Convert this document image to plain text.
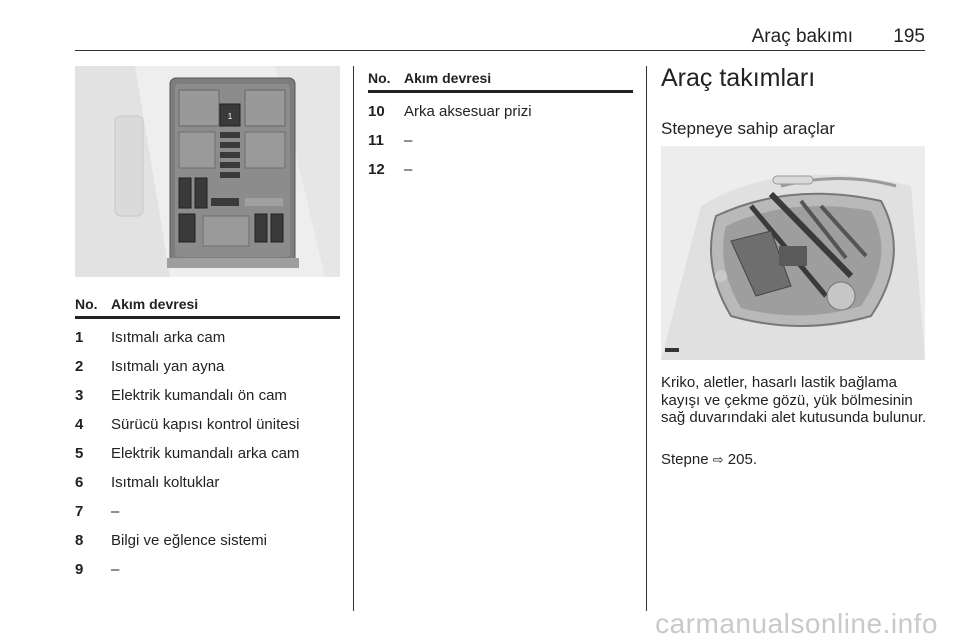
Araç bakımı 195
1
No. Akım devresi
1 Isıtmalı arka cam
2 Isıtmalı yan ayna
3 Elektrik kumandalı ön cam
4 Sürücü kapısı kontrol ünitesi
5 Elektrik kumandalı arka cam
6 Isıtmalı koltuklar
7 –
8 Bilgi ve eğlence sistemi
9 –
No. Akım devresi
10 Arka aksesuar prizi
11 –
12 –
Araç takımları
Stepneye sahip araçlar
Kriko, aletler, hasarlı lastik bağlama kayışı ve çekme gözü, yük bölmesinin sağ duvarındaki alet kutusunda bulunur.
Stepne ⇨ 205.
carmanualsonline.info
